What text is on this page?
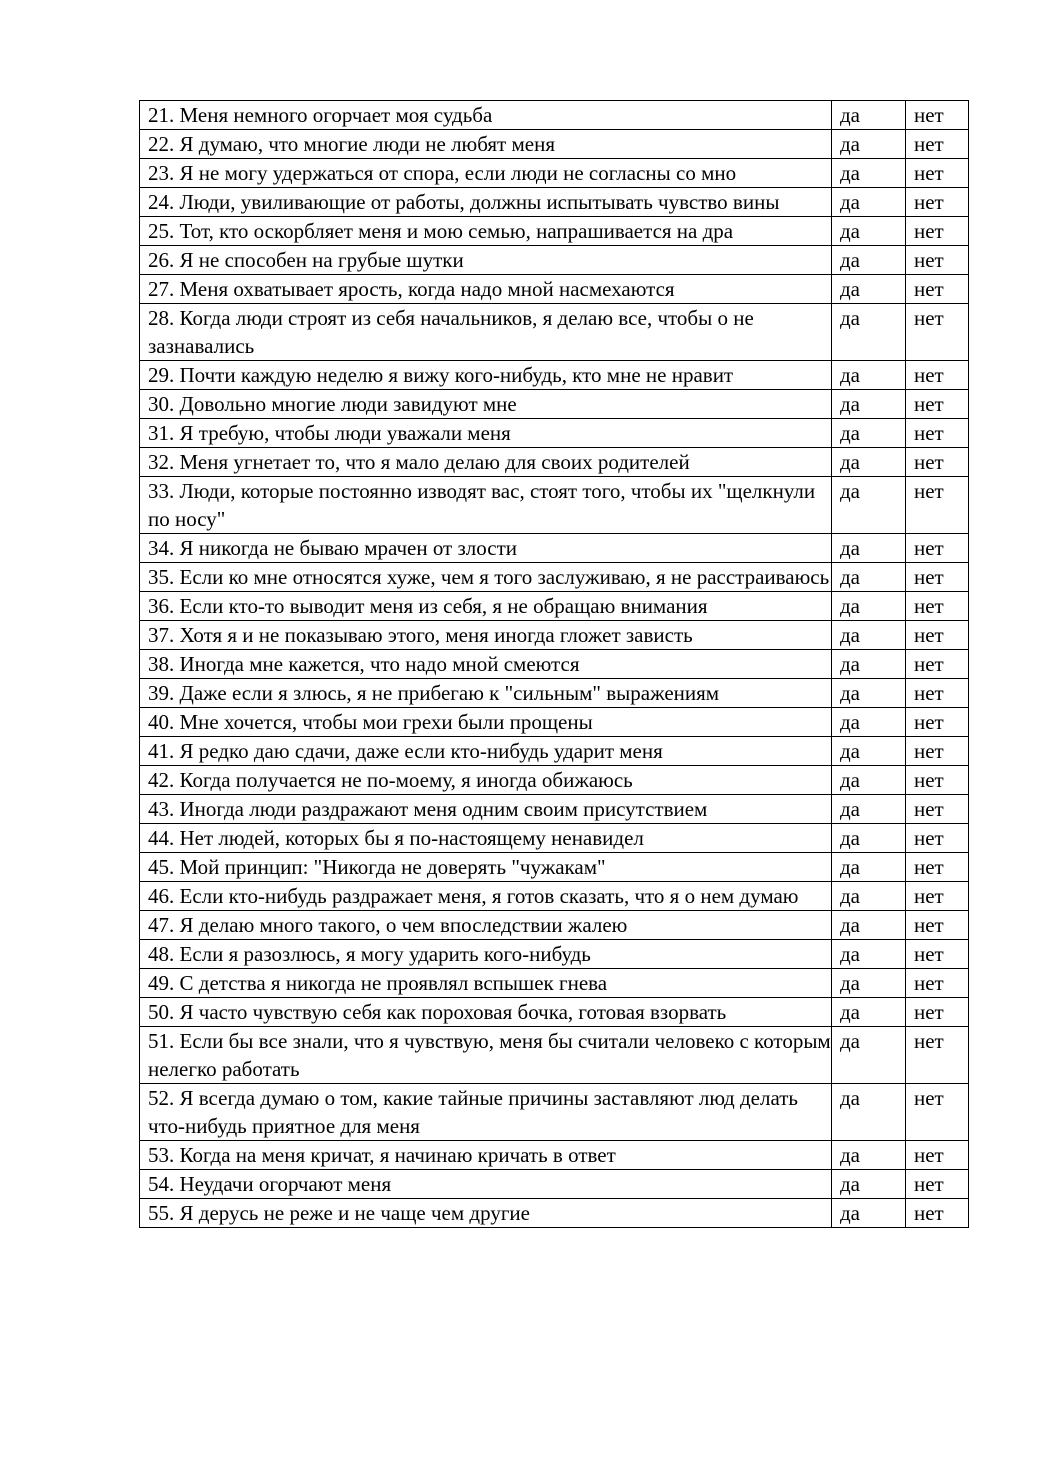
21. Меня немного огорчает моя судьба	да	нет

22. Я думаю, что многие люди не любят меня	да	нет

23. Я не могу удержаться от спора, если люди не согласны со мно	да	нет

24. Люди, увиливающие от работы, должны испытывать чувство вины	да	нет

25. Тот, кто оскорбляет меня и мою семью, напрашивается на дра	да	нет

26. Я не способен на грубые шутки	да	нет

27. Меня охватывает ярость, когда надо мной насмехаются	да	нет

28. Когда люди строят из себя начальников, я делаю все, чтобы о не зазнавались	да	нет

29. Почти каждую неделю я вижу кого-нибудь, кто мне не нравит	да	нет

30. Довольно многие люди завидуют мне	да	нет

31. Я требую, чтобы люди уважали меня	да	нет

32. Меня угнетает то, что я мало делаю для своих родителей	да	нет

33. Люди, которые постоянно изводят вас, стоят того, чтобы их "щелкнули по носу"	да	нет

34. Я никогда не бываю мрачен от злости	да	нет

35. Если ко мне относятся хуже, чем я того заслуживаю, я не расстраиваюсь	да	нет

36. Если кто-то выводит меня из себя, я не обращаю внимания	да	нет

37. Хотя я и не показываю этого, меня иногда гложет зависть	да	нет

38. Иногда мне кажется, что надо мной смеются	да	нет

39. Даже если я злюсь, я не прибегаю к "сильным" выражениям	да	нет

40. Мне хочется, чтобы мои грехи были прощены	да	нет

41. Я редко даю сдачи, даже если кто-нибудь ударит меня	да	нет

42. Когда получается не по-моему, я иногда обижаюсь	да	нет

43. Иногда люди раздражают меня одним своим присутствием	да	нет

44. Нет людей, которых бы я по-настоящему ненавидел	да	нет

45. Мой принцип: "Никогда не доверять "чужакам"	да	нет

46. Если кто-нибудь раздражает меня, я готов сказать, что я о нем думаю	да	нет

47. Я делаю много такого, о чем впоследствии жалею	да	нет

48. Если я разозлюсь, я могу ударить кого-нибудь	да	нет

49. С детства я никогда не проявлял вспышек гнева	да	нет

50. Я часто чувствую себя как пороховая бочка, готовая взорвать	да	нет

51. Если бы все знали, что я чувствую, меня бы считали человеко с которым нелегко работать	да	нет

52. Я всегда думаю о том, какие тайные причины заставляют люд делать что-нибудь приятное для меня	да	нет

53. Когда на меня кричат, я начинаю кричать в ответ	да	нет

54. Неудачи огорчают меня	да	нет

55. Я дерусь не реже и не чаще чем другие	да	нет
